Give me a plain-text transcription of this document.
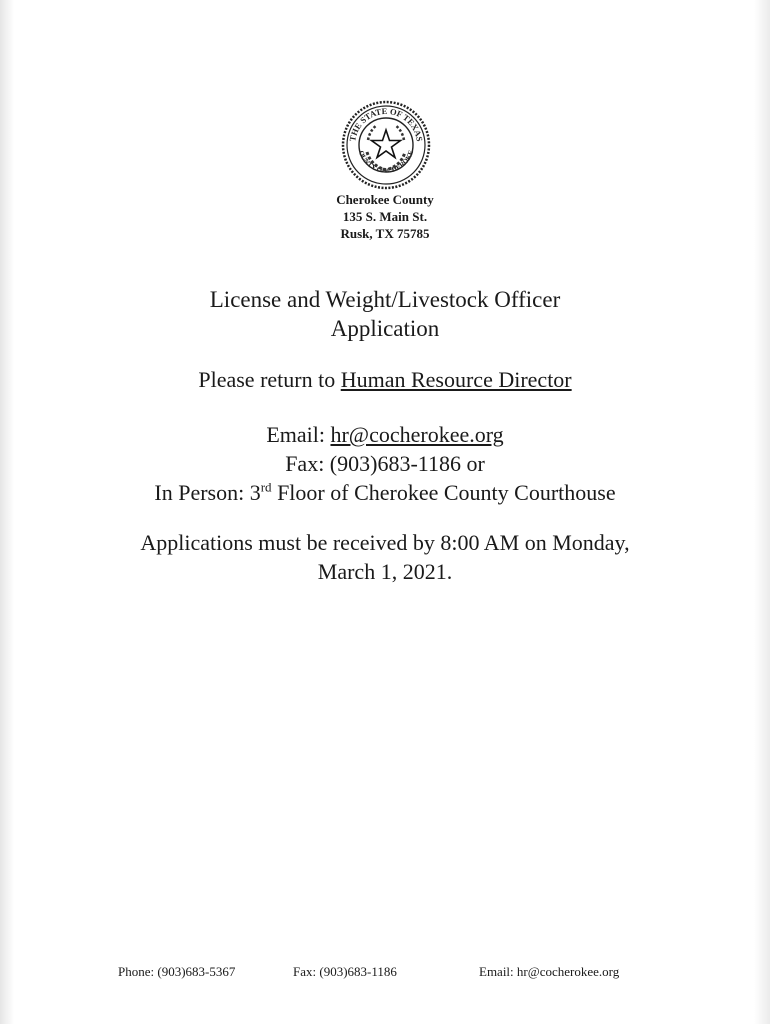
THE STATE OF TEXAS
OUNTY OF CHEROKE
Cherokee County
135 S. Main St.
Rusk, TX 75785
License and Weight/Livestock Officer
Application
Please return to Human Resource Director
Email: hr@cocherokee.org
Fax: (903)683-1186 or
In Person: 3rd Floor of Cherokee County Courthouse
Applications must be received by 8:00 AM on Monday,
March 1, 2021.
Phone: (903)683-5367	Fax: (903)683-1186	Email: hr@cocherokee.org
